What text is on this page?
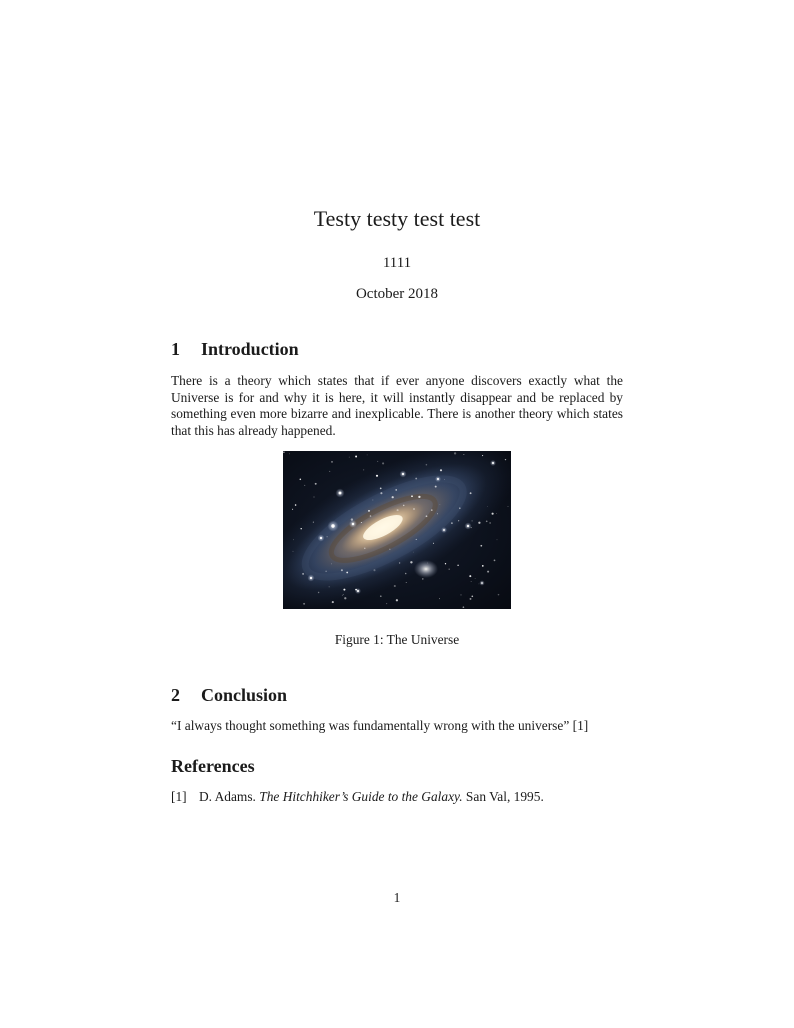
Testy testy test test
1111
October 2018
1 Introduction

There is a theory which states that if ever anyone discovers exactly what the Universe is for and why it is here, it will instantly disappear and be replaced by something even more bizarre and inexplicable. There is another theory which states that this has already happened.

Figure 1: The Universe
2 Conclusion

“I always thought something was fundamentally wrong with the universe” [1]

References
[1] D. Adams. The Hitchhiker’s Guide to the Galaxy. San Val, 1995.
1
